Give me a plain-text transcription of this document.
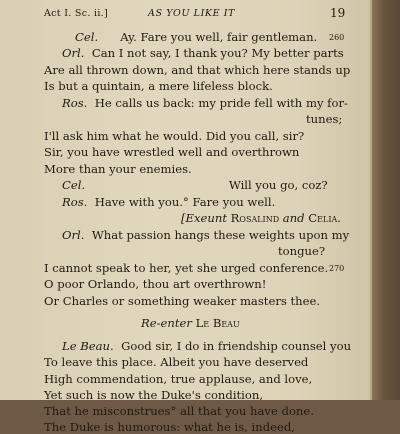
Act I. Sc. ii.]	AS YOU LIKE IT	19
Cel. Ay. Fare you well, fair gentleman. 260
Orl. Can I not say, I thank you? My better parts
Are all thrown down, and that which here stands up
Is but a quintain, a mere lifeless block.
Ros. He calls us back: my pride fell with my for-
tunes;
I'll ask him what he would. Did you call, sir?
Sir, you have wrestled well and overthrown
More than your enemies.
Cel.	Will you go, coz?
Ros. Have with you.° Fare you well.
[Exeunt Rosalind and Celia.
Orl. What passion hangs these weights upon my
tongue?
I cannot speak to her, yet she urged conference. 270
O poor Orlando, thou art overthrown!
Or Charles or something weaker masters thee.
Re-enter Le Beau
Le Beau. Good sir, I do in friendship counsel you
To leave this place. Albeit you have deserved
High commendation, true applause, and love,
Yet such is now the Duke's condition,
That he misconstrues° all that you have done.
The Duke is humorous: what he is, indeed,
